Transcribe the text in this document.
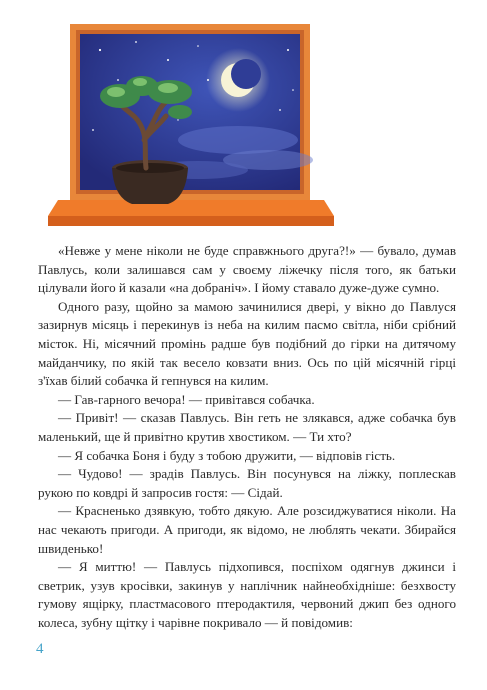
«Невже у мене ніколи не буде справжнього друга?!» — бувало, думав Павлусь, коли залишався сам у своєму ліжечку після того, як батьки цілували його й казали «на добраніч». І йому ставало дуже-дуже сумно.

Одного разу, щойно за мамою зачинилися двері, у вікно до Павлуся зазирнув місяць і перекинув із неба на килим пасмо світла, ніби срібний місток. Ні, місячний промінь радше був подібний до гірки на дитячому майданчику, по якій так весело ковзати вниз. Ось по цій місячній гірці з'їхав білий собачка й гепнувся на килим.

— Гав-гарного вечора! — привітався собачка.

— Привіт! — сказав Павлусь. Він геть не злякався, адже собачка був маленький, ще й привітно крутив хвостиком. — Ти хто?

— Я собачка Боня і буду з тобою дружити, — відповів гість.

— Чудово! — зрадів Павлусь. Він посунувся на ліжку, поплескав рукою по ковдрі й запросив гостя: — Сідай.

— Красненько дзявкую, тобто дякую. Але розсиджуватися ніколи. На нас чекають пригоди. А пригоди, як відомо, не люблять чекати. Збирайся швиденько!

— Я миттю! — Павлусь підхопився, поспіхом одягнув джинси і светрик, узув кросівки, закинув у наплічник найнеобхідніше: безхвосту гумову ящірку, пластмасового птеродактиля, червоний джип без одного колеса, зубну щітку і чарівне покривало — й повідомив:

4
